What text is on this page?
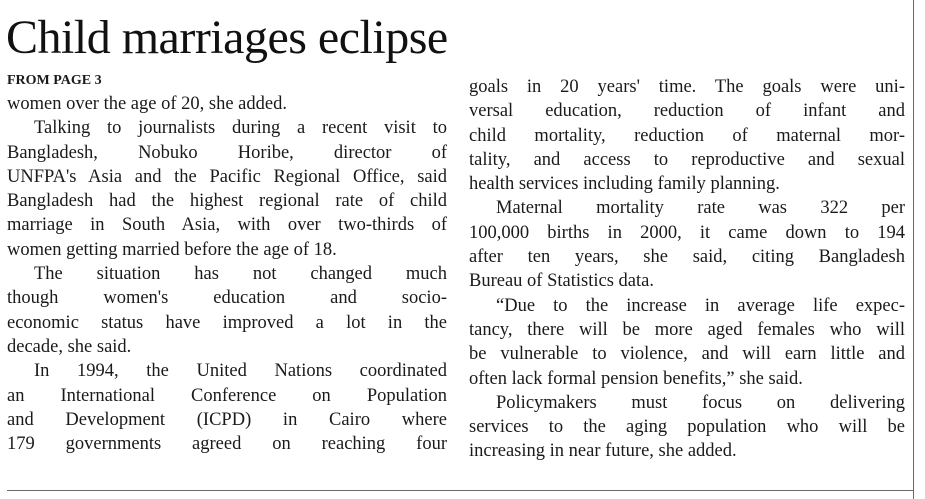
Child marriages eclipse
FROM PAGE 3
women over the age of 20, she added.
Talking to journalists during a recent visit to
Bangladesh, Nobuko Horibe, director of
UNFPA's Asia and the Pacific Regional Office, said
Bangladesh had the highest regional rate of child
marriage in South Asia, with over two-thirds of
women getting married before the age of 18.
The situation has not changed much
though women's education and socio-
economic status have improved a lot in the
decade, she said.
In 1994, the United Nations coordinated
an International Conference on Population
and Development (ICPD) in Cairo where
179 governments agreed on reaching four
goals in 20 years' time. The goals were uni-
versal education, reduction of infant and
child mortality, reduction of maternal mor-
tality, and access to reproductive and sexual
health services including family planning.
Maternal mortality rate was 322 per
100,000 births in 2000, it came down to 194
after ten years, she said, citing Bangladesh
Bureau of Statistics data.
“Due to the increase in average life expec-
tancy, there will be more aged females who will
be vulnerable to violence, and will earn little and
often lack formal pension benefits,” she said.
Policymakers must focus on delivering
services to the aging population who will be
increasing in near future, she added.
